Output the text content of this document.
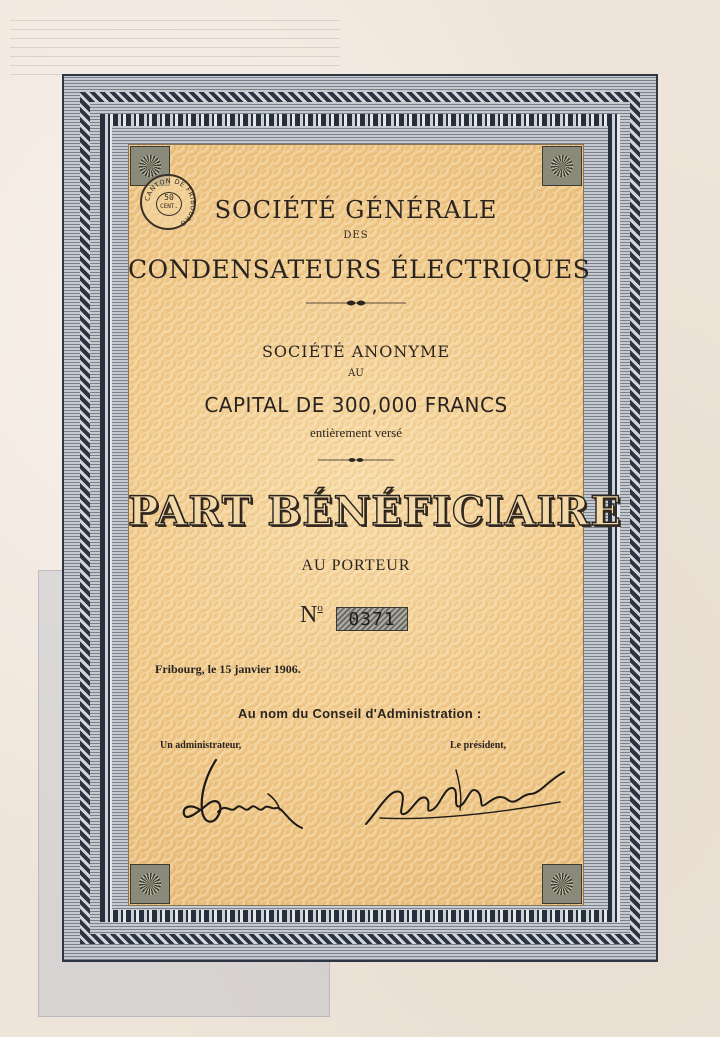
CANTON DE FRIBOURG
50
CENT.	SOCIÉTÉ GÉNÉRALE
DES
CONDENSATEURS ÉLECTRIQUES
SOCIÉTÉ ANONYME
AU
CAPITAL DE 300,000 FRANCS
entièrement versé
PART BÉNÉFICIAIRE
AU PORTEUR
$N^o$
0371
Fribourg, le 15 janvier 1906.
Au nom du Conseil d'Administration :
Un administrateur,	Le président,
